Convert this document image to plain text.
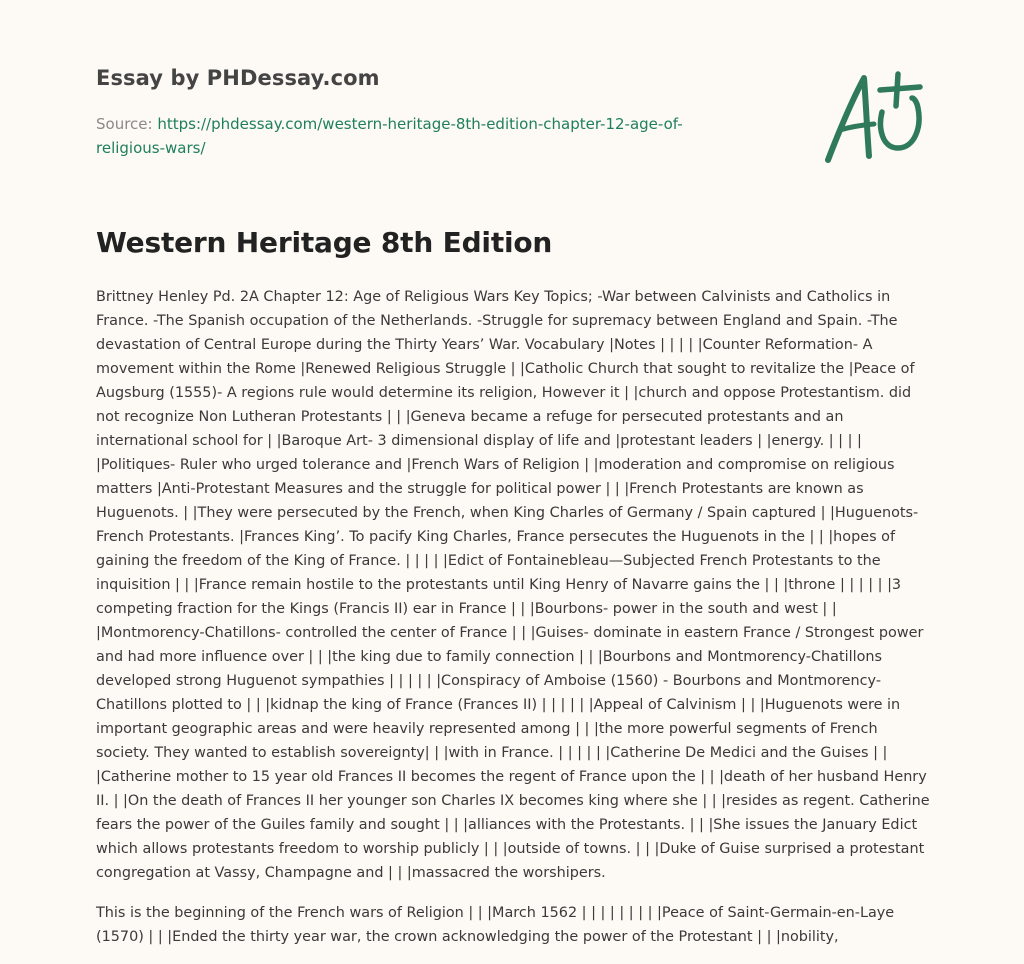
Essay by PHDessay.com
Source: https://phdessay.com/western-heritage-8th-edition-chapter-12-age-of-religious-wars/
Western Heritage 8th Edition

Brittney Henley Pd. 2A Chapter 12: Age of Religious Wars Key Topics; -War between Calvinists and Catholics in France. -The Spanish occupation of the Netherlands. -Struggle for supremacy between England and Spain. -The devastation of Central Europe during the Thirty Years’ War. Vocabulary |Notes | | | | |Counter Reformation- A movement within the Rome |Renewed Religious Struggle | |Catholic Church that sought to revitalize the |Peace of Augsburg (1555)- A regions rule would determine its religion, However it | |church and oppose Protestantism. did not recognize Non Lutheran Protestants | | |Geneva became a refuge for persecuted protestants and an international school for | |Baroque Art- 3 dimensional display of life and |protestant leaders | |energy. | | | | |Politiques- Ruler who urged tolerance and |French Wars of Religion | |moderation and compromise on religious matters |Anti-Protestant Measures and the struggle for political power | | |French Protestants are known as Huguenots. | |They were persecuted by the French, when King Charles of Germany / Spain captured | |Huguenots- French Protestants. |Frances King’. To pacify King Charles, France persecutes the Huguenots in the | | |hopes of gaining the freedom of the King of France. | | | | |Edict of Fontainebleau—Subjected French Protestants to the inquisition | | |France remain hostile to the protestants until King Henry of Navarre gains the | | |throne | | | | | |3 competing fraction for the Kings (Francis II) ear in France | | |Bourbons- power in the south and west | | |Montmorency-Chatillons- controlled the center of France | | |Guises- dominate in eastern France / Strongest power and had more influence over | | |the king due to family connection | | |Bourbons and Montmorency-Chatillons developed strong Huguenot sympathies | | | | | |Conspiracy of Amboise (1560) - Bourbons and Montmorency-Chatillons plotted to | | |kidnap the king of France (Frances II) | | | | | |Appeal of Calvinism | | |Huguenots were in important geographic areas and were heavily represented among | | |the more powerful segments of French society. They wanted to establish sovereignty| | |with in France. | | | | | |Catherine De Medici and the Guises | | |Catherine mother to 15 year old Frances II becomes the regent of France upon the | | |death of her husband Henry II. | |On the death of Frances II her younger son Charles IX becomes king where she | | |resides as regent. Catherine fears the power of the Guiles family and sought | | |alliances with the Protestants. | | |She issues the January Edict which allows protestants freedom to worship publicly | | |outside of towns. | | |Duke of Guise surprised a protestant congregation at Vassy, Champagne and | | |massacred the worshipers.

This is the beginning of the French wars of Religion | | |March 1562 | | | | | | | | |Peace of Saint-Germain-en-Laye (1570) | | |Ended the thirty year war, the crown acknowledging the power of the Protestant | | |nobility,
